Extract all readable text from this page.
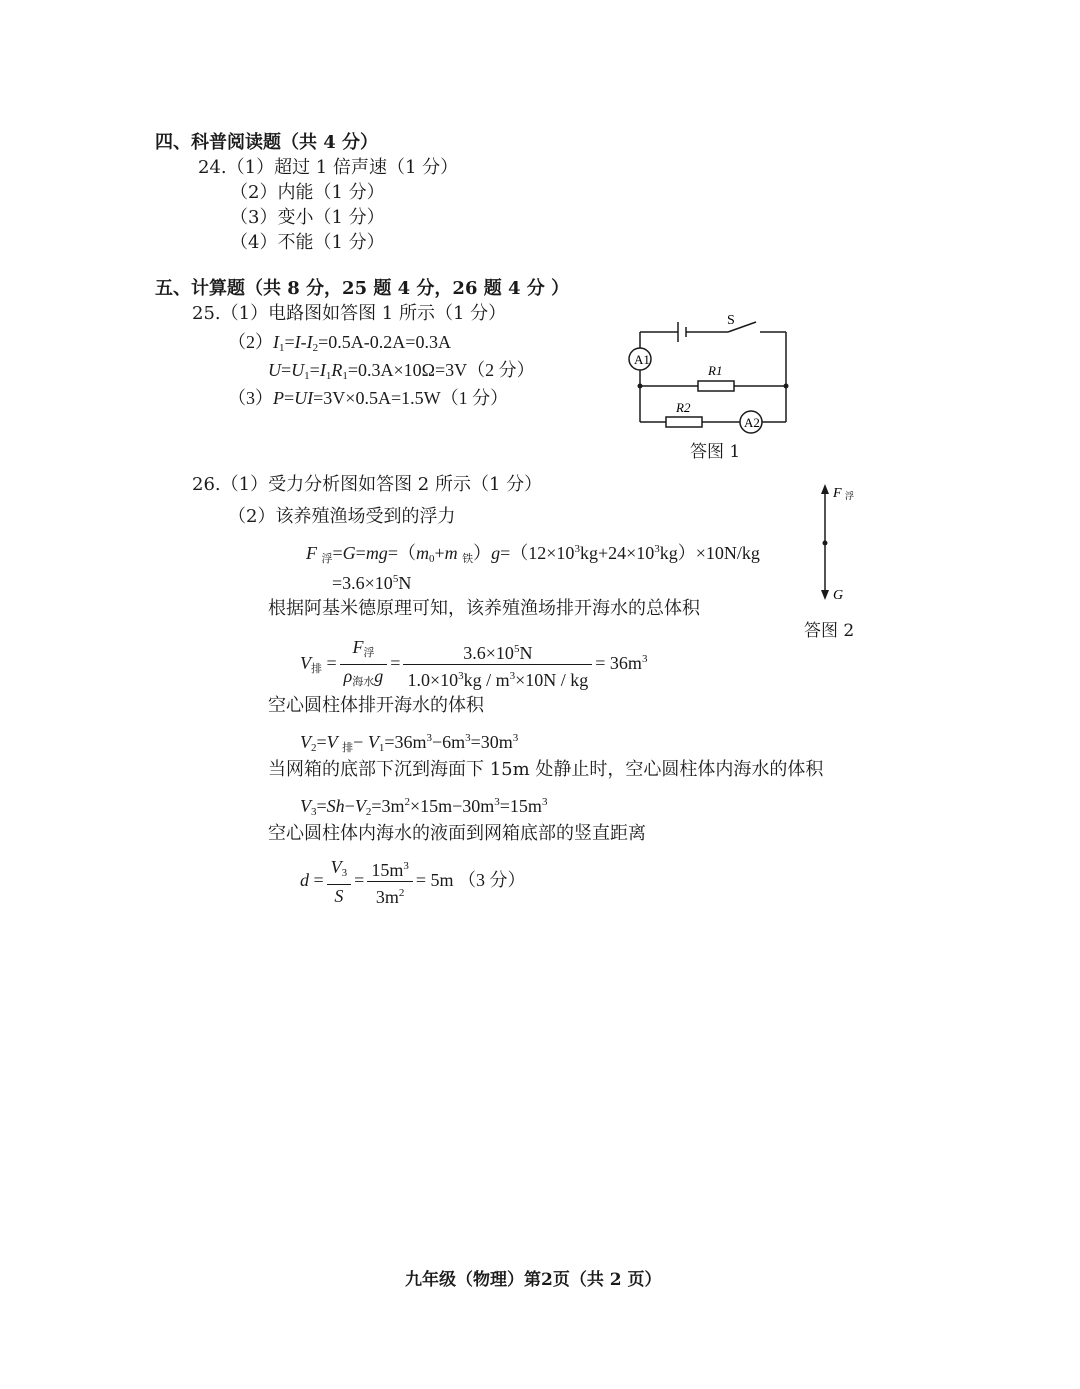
四、科普阅读题（共 4 分）
24.（1）超过 1 倍声速（1 分）
（2）内能（1 分）
（3）变小（1 分）
（4）不能（1 分）
五、计算题（共 8 分，25 题 4 分，26 题 4 分 ）
25.（1）电路图如答图 1 所示（1 分）
$(2)I_1=I-I_2=0.5A-0.2A=0.3A$
$U=U_1=I_1R_1=0.3A\times 10\Omega=3V(2$ 分）
（3）P=UI=3V×0.5A=1.5W（1 分）
S
A1
A2
R1
R2
答图 1
26.（1）受力分析图如答图 2 所示（1 分）
（2）该养殖渔场受到的浮力
F $_浮=G=mg=(m_0+m$ $_铁)g=(12\times 10^3kg+24\times 10^3kg)\times 10N/kg$
$=3.6\times 10^5N$
根据阿基米德原理可知，该养殖渔场排开海水的总体积
$V_排 = \frac{F_浮}{\rho_{海水}g} = \frac{3.6\times 10^5N}{1.0\times 10^3kg / m^3\times 10N / kg} = 36m^3$
空心圆柱体排开海水的体积
$V_2=V$ $_排- V_1=36m^3-6m^3=30m^3$
当网箱的底部下沉到海面下 15m 处静止时，空心圆柱体内海水的体积
$V_3=Sh-V_2=3m^2\times 15m-30m^3=15m^3$
空心圆柱体内海水的液面到网箱底部的竖直距离
$d = \frac{V_3}{S} = \frac{15m^3}{3m^2} = 5m$ （3 分）
F 浮
G
答图 2
九年级（物理）第2页（共 2 页）
